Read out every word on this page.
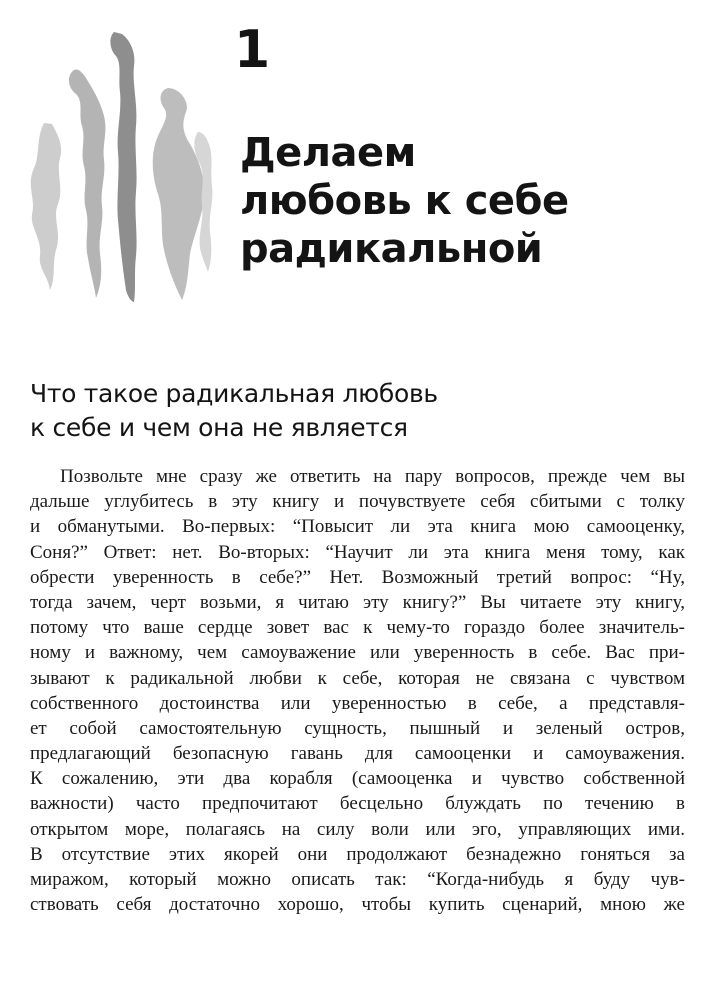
1
Делаем
любовь к себе
радикальной
Что такое радикальная любовь
к себе и чем она не является
Позвольте мне сразу же ответить на пару вопросов, прежде чем вы
дальше углубитесь в эту книгу и почувствуете себя сбитыми с толку
и обманутыми. Во-первых: “Повысит ли эта книга мою самооценку,
Соня?” Ответ: нет. Во-вторых: “Научит ли эта книга меня тому, как
обрести уверенность в себе?” Нет. Возможный третий вопрос: “Ну,
тогда зачем, черт возьми, я читаю эту книгу?” Вы читаете эту книгу,
потому что ваше сердце зовет вас к чему-то гораздо более значитель-
ному и важному, чем самоуважение или уверенность в себе. Вас при-
зывают к радикальной любви к себе, которая не связана с чувством
собственного достоинства или уверенностью в себе, а представля-
ет собой самостоятельную сущность, пышный и зеленый остров,
предлагающий безопасную гавань для самооценки и самоуважения.
К сожалению, эти два корабля (самооценка и чувство собственной
важности) часто предпочитают бесцельно блуждать по течению в
открытом море, полагаясь на силу воли или эго, управляющих ими.
В отсутствие этих якорей они продолжают безнадежно гоняться за
миражом, который можно описать так: “Когда-нибудь я буду чув-
ствовать себя достаточно хорошо, чтобы купить сценарий, мною же
